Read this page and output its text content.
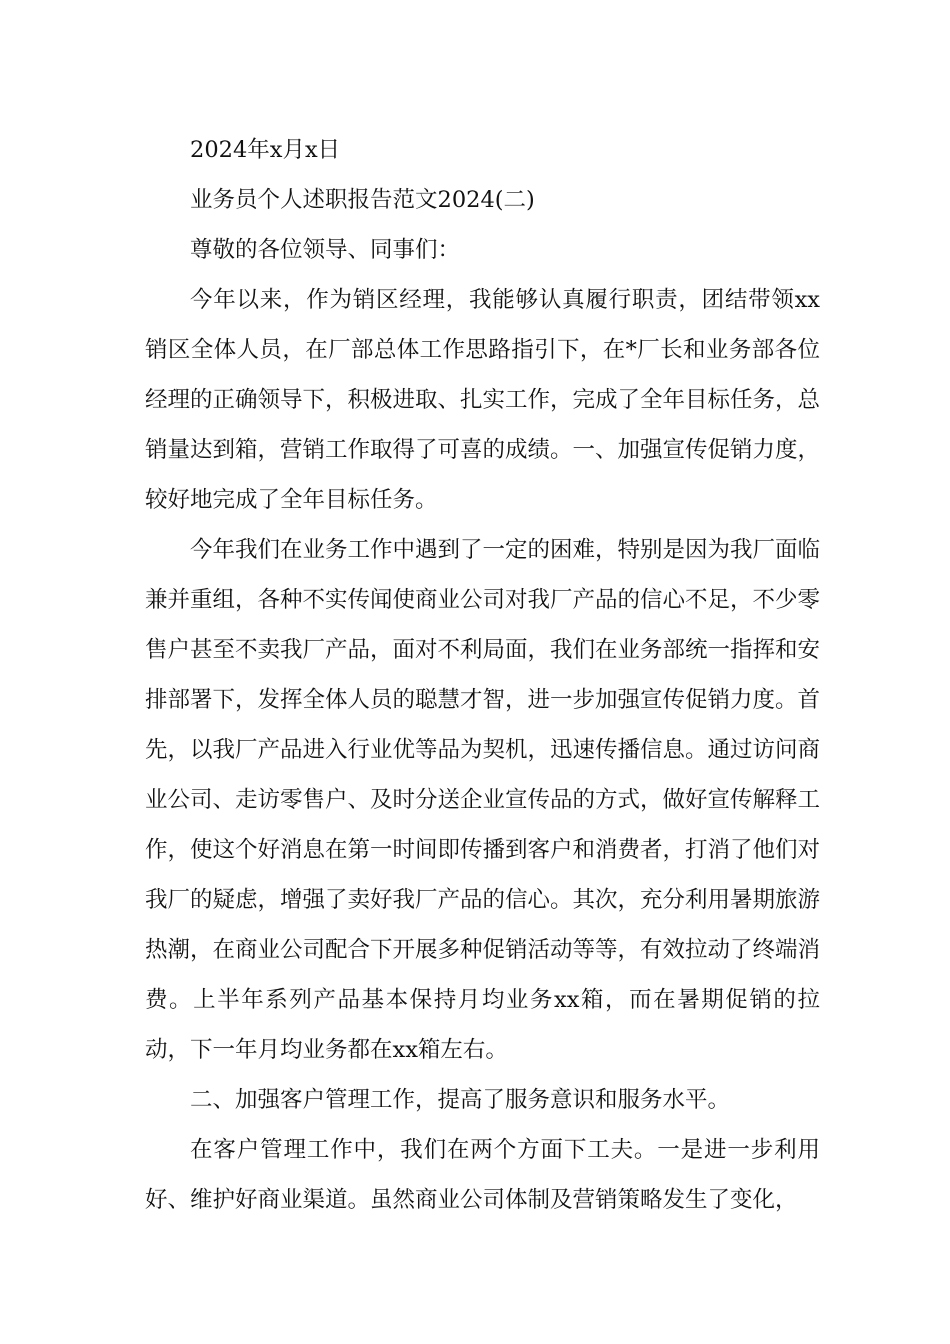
2024年x月x日

业务员个人述职报告范文2024(二)

尊敬的各位领导、同事们：

今年以来，作为销区经理，我能够认真履行职责，团结带领xx销区全体人员，在厂部总体工作思路指引下，在*厂长和业务部各位经理的正确领导下，积极进取、扎实工作，完成了全年目标任务，总销量达到箱，营销工作取得了可喜的成绩。一、加强宣传促销力度，较好地完成了全年目标任务。

今年我们在业务工作中遇到了一定的困难，特别是因为我厂面临兼并重组，各种不实传闻使商业公司对我厂产品的信心不足，不少零售户甚至不卖我厂产品，面对不利局面，我们在业务部统一指挥和安排部署下，发挥全体人员的聪慧才智，进一步加强宣传促销力度。首先，以我厂产品进入行业优等品为契机，迅速传播信息。通过访问商业公司、走访零售户、及时分送企业宣传品的方式，做好宣传解释工作，使这个好消息在第一时间即传播到客户和消费者，打消了他们对我厂的疑虑，增强了卖好我厂产品的信心。其次，充分利用暑期旅游热潮，在商业公司配合下开展多种促销活动等等，有效拉动了终端消费。上半年系列产品基本保持月均业务xx箱，而在暑期促销的拉动，下一年月均业务都在xx箱左右。

二、加强客户管理工作，提高了服务意识和服务水平。

在客户管理工作中，我们在两个方面下工夫。一是进一步利用好、维护好商业渠道。虽然商业公司体制及营销策略发生了变化，
